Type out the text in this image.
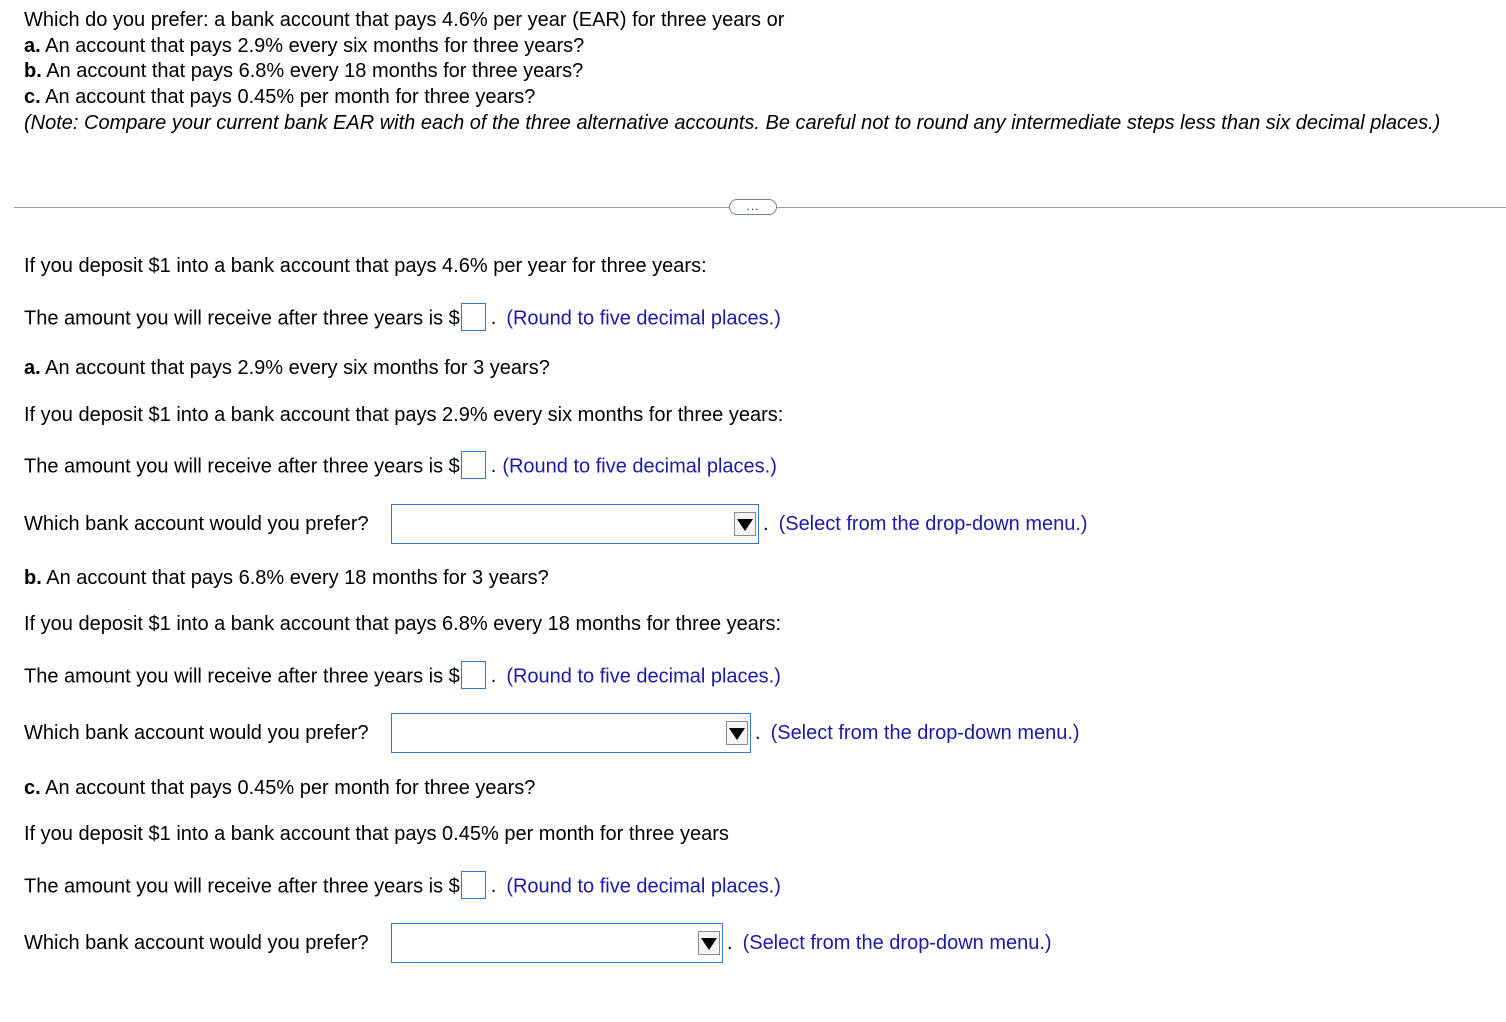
Which do you prefer: a bank account that pays 4.6% per year (EAR) for three years or
a. An account that pays 2.9% every six months for three years?
b. An account that pays 6.8% every 18 months for three years?
c. An account that pays 0.45% per month for three years?
(Note: Compare your current bank EAR with each of the three alternative accounts. Be careful not to round any intermediate steps less than six decimal places.)
...
If you deposit $1 into a bank account that pays 4.6% per year for three years:
The amount you will receive after three years is $ . (Round to five decimal places.)
a. An account that pays 2.9% every six months for 3 years?
If you deposit $1 into a bank account that pays 2.9% every six months for three years:
The amount you will receive after three years is $ . (Round to five decimal places.)
Which bank account would you prefer?	. (Select from the drop-down menu.)
b. An account that pays 6.8% every 18 months for 3 years?
If you deposit $1 into a bank account that pays 6.8% every 18 months for three years:
The amount you will receive after three years is $ . (Round to five decimal places.)
Which bank account would you prefer?	. (Select from the drop-down menu.)
c. An account that pays 0.45% per month for three years?
If you deposit $1 into a bank account that pays 0.45% per month for three years
The amount you will receive after three years is $ . (Round to five decimal places.)
Which bank account would you prefer?	. (Select from the drop-down menu.)
